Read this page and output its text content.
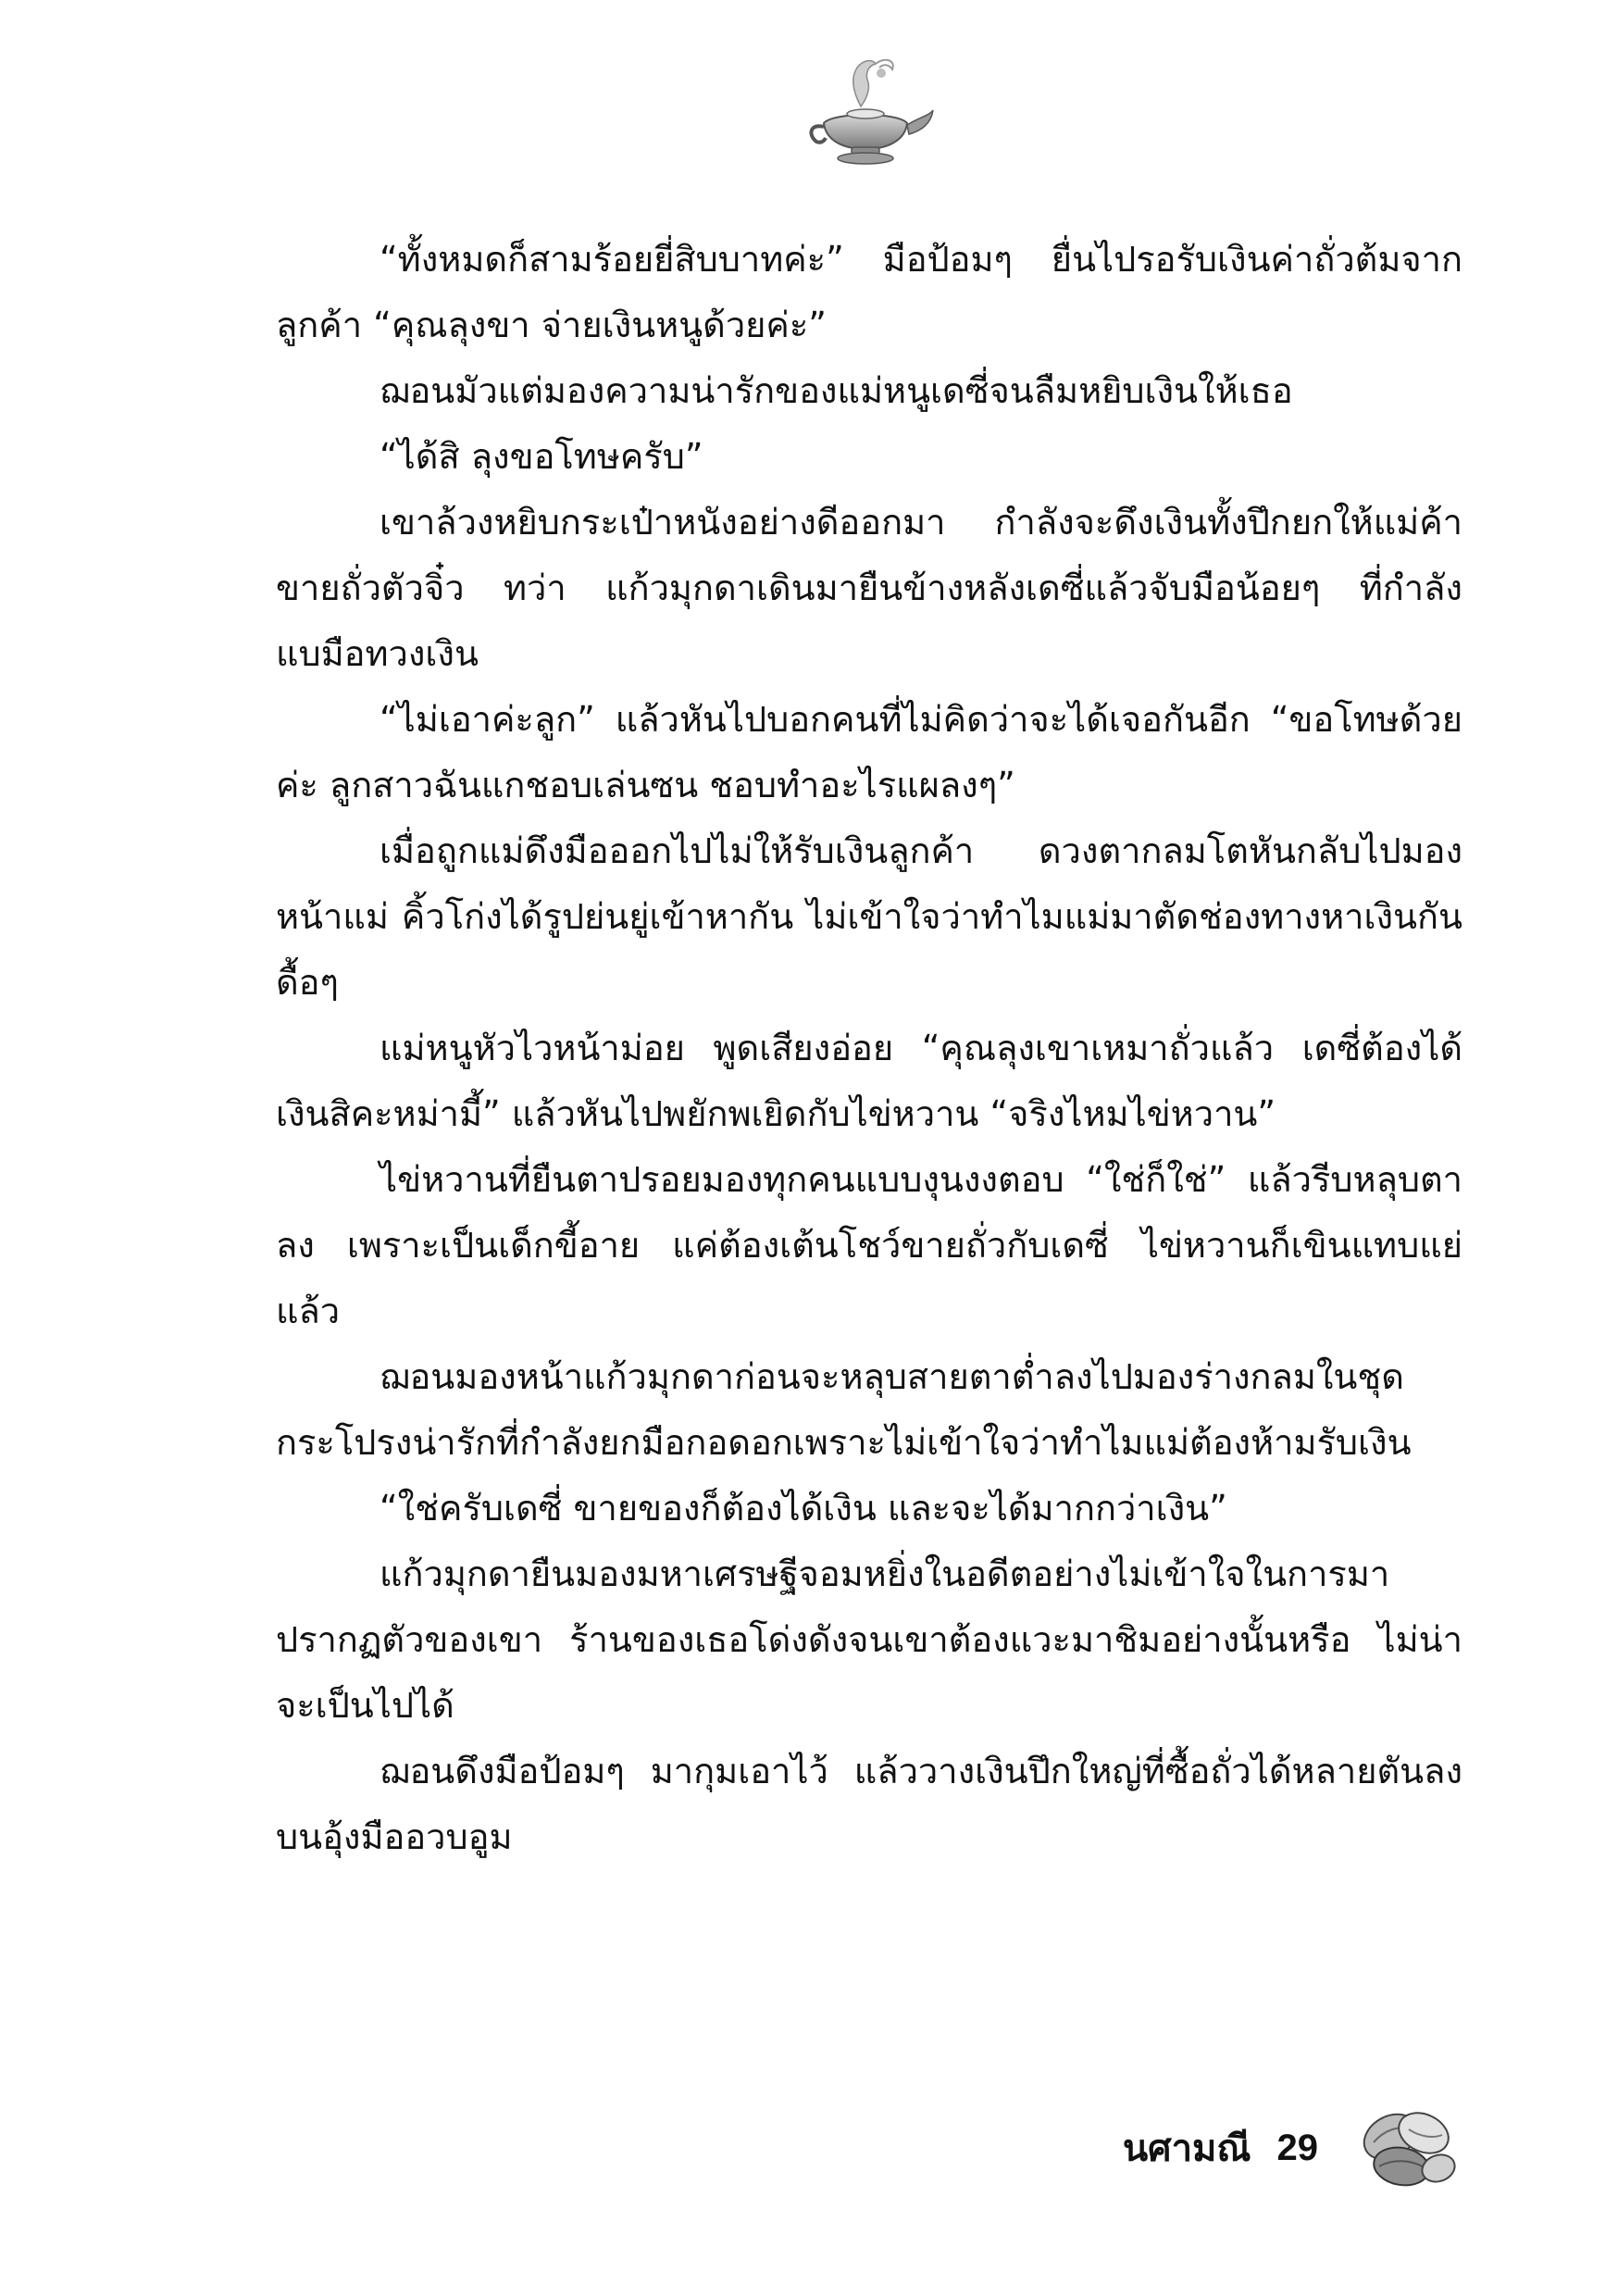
“ทั้งหมดก็สามร้อยยี่สิบบาทค่ะ” มือป้อมๆ ยื่นไปรอรับเงินค่าถั่วต้มจากลูกค้า “คุณลุงขา จ่ายเงินหนูด้วยค่ะ”

ฌอนมัวแต่มองความน่ารักของแม่หนูเดซี่จนลืมหยิบเงินให้เธอ

“ได้สิ ลุงขอโทษครับ”

เขาล้วงหยิบกระเป๋าหนังอย่างดีออกมา กำลังจะดึงเงินทั้งปึกยกให้แม่ค้าขายถั่วตัวจิ๋ว ทว่า แก้วมุกดาเดินมายืนข้างหลังเดซี่แล้วจับมือน้อยๆ ที่กำลังแบมือทวงเงิน

“ไม่เอาค่ะลูก” แล้วหันไปบอกคนที่ไม่คิดว่าจะได้เจอกันอีก “ขอโทษด้วยค่ะ ลูกสาวฉันแกชอบเล่นซน ชอบทำอะไรแผลงๆ”

เมื่อถูกแม่ดึงมือออกไปไม่ให้รับเงินลูกค้า ดวงตากลมโตหันกลับไปมองหน้าแม่ คิ้วโก่งได้รูปย่นยู่เข้าหากัน ไม่เข้าใจว่าทำไมแม่มาตัดช่องทางหาเงินกันดื้อๆ

แม่หนูหัวไวหน้าม่อย พูดเสียงอ่อย “คุณลุงเขาเหมาถั่วแล้ว เดซี่ต้องได้เงินสิคะหม่ามี้” แล้วหันไปพยักพเยิดกับไข่หวาน “จริงไหมไข่หวาน”

ไข่หวานที่ยืนตาปรอยมองทุกคนแบบงุนงงตอบ “ใช่ก็ใช่” แล้วรีบหลุบตาลง เพราะเป็นเด็กขี้อาย แค่ต้องเต้นโชว์ขายถั่วกับเดซี่ ไข่หวานก็เขินแทบแย่แล้ว

ฌอนมองหน้าแก้วมุกดาก่อนจะหลุบสายตาต่ำลงไปมองร่างกลมในชุดกระโปรงน่ารักที่กำลังยกมือกอดอกเพราะไม่เข้าใจว่าทำไมแม่ต้องห้ามรับเงิน

“ใช่ครับเดซี่ ขายของก็ต้องได้เงิน และจะได้มากกว่าเงิน”

แก้วมุกดายืนมองมหาเศรษฐีจอมหยิ่งในอดีตอย่างไม่เข้าใจในการมาปรากฏตัวของเขา ร้านของเธอโด่งดังจนเขาต้องแวะมาชิมอย่างนั้นหรือ ไม่น่าจะเป็นไปได้

ฌอนดึงมือป้อมๆ มากุมเอาไว้ แล้ววางเงินปึกใหญ่ที่ซื้อถั่วได้หลายตันลงบนอุ้งมืออวบอูม

นศามณี 29
